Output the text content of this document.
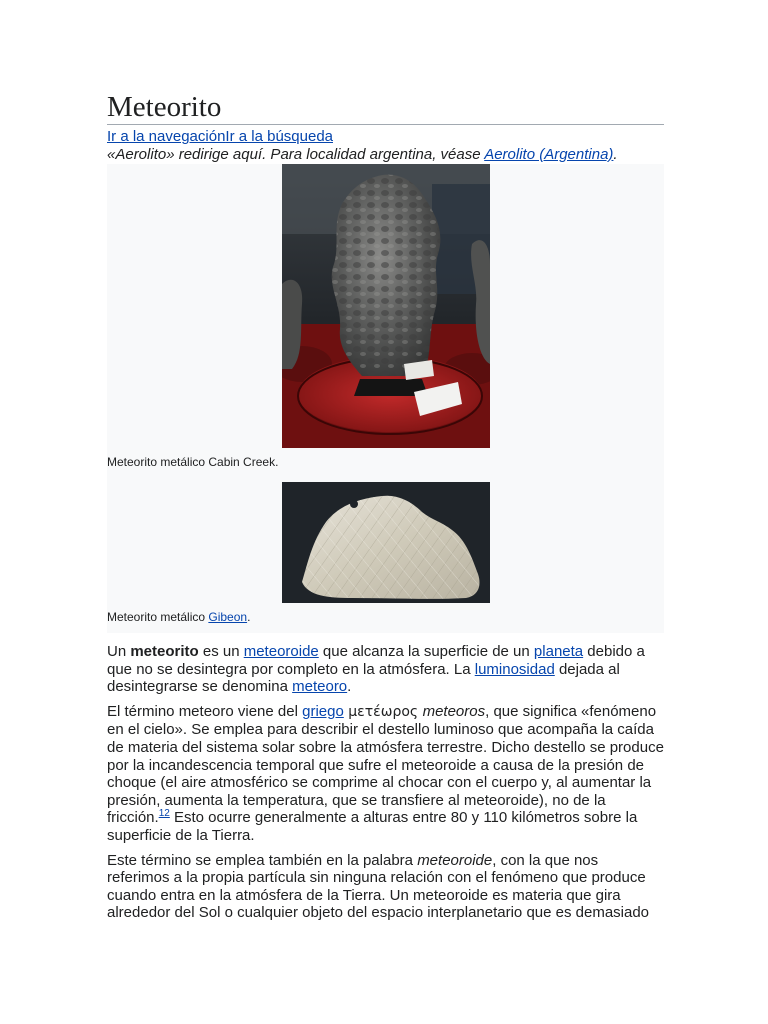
Meteorito
Ir a la navegaciónIr a la búsqueda
«Aerolito» redirige aquí. Para localidad argentina, véase Aerolito (Argentina).
Meteorito metálico Cabin Creek.
Meteorito metálico Gibeon.

Un meteorito es un meteoroide que alcanza la superficie de un planeta debido a que no se desintegra por completo en la atmósfera. La luminosidad dejada al desintegrarse se denomina meteoro.

El término meteoro viene del griego μετέωρος meteoros, que significa «fenómeno en el cielo». Se emplea para describir el destello luminoso que acompaña la caída de materia del sistema solar sobre la atmósfera terrestre. Dicho destello se produce por la incandescencia temporal que sufre el meteoroide a causa de la presión de choque (el aire atmosférico se comprime al chocar con el cuerpo y, al aumentar la presión, aumenta la temperatura, que se transfiere al meteoroide), no de la fricción.$^{12}$ Esto ocurre generalmente a alturas entre 80 y 110 kilómetros sobre la superficie de la Tierra.

Este término se emplea también en la palabra meteoroide, con la que nos referimos a la propia partícula sin ninguna relación con el fenómeno que produce cuando entra en la atmósfera de la Tierra. Un meteoroide es materia que gira alrededor del Sol o cualquier objeto del espacio interplanetario que es demasiado
